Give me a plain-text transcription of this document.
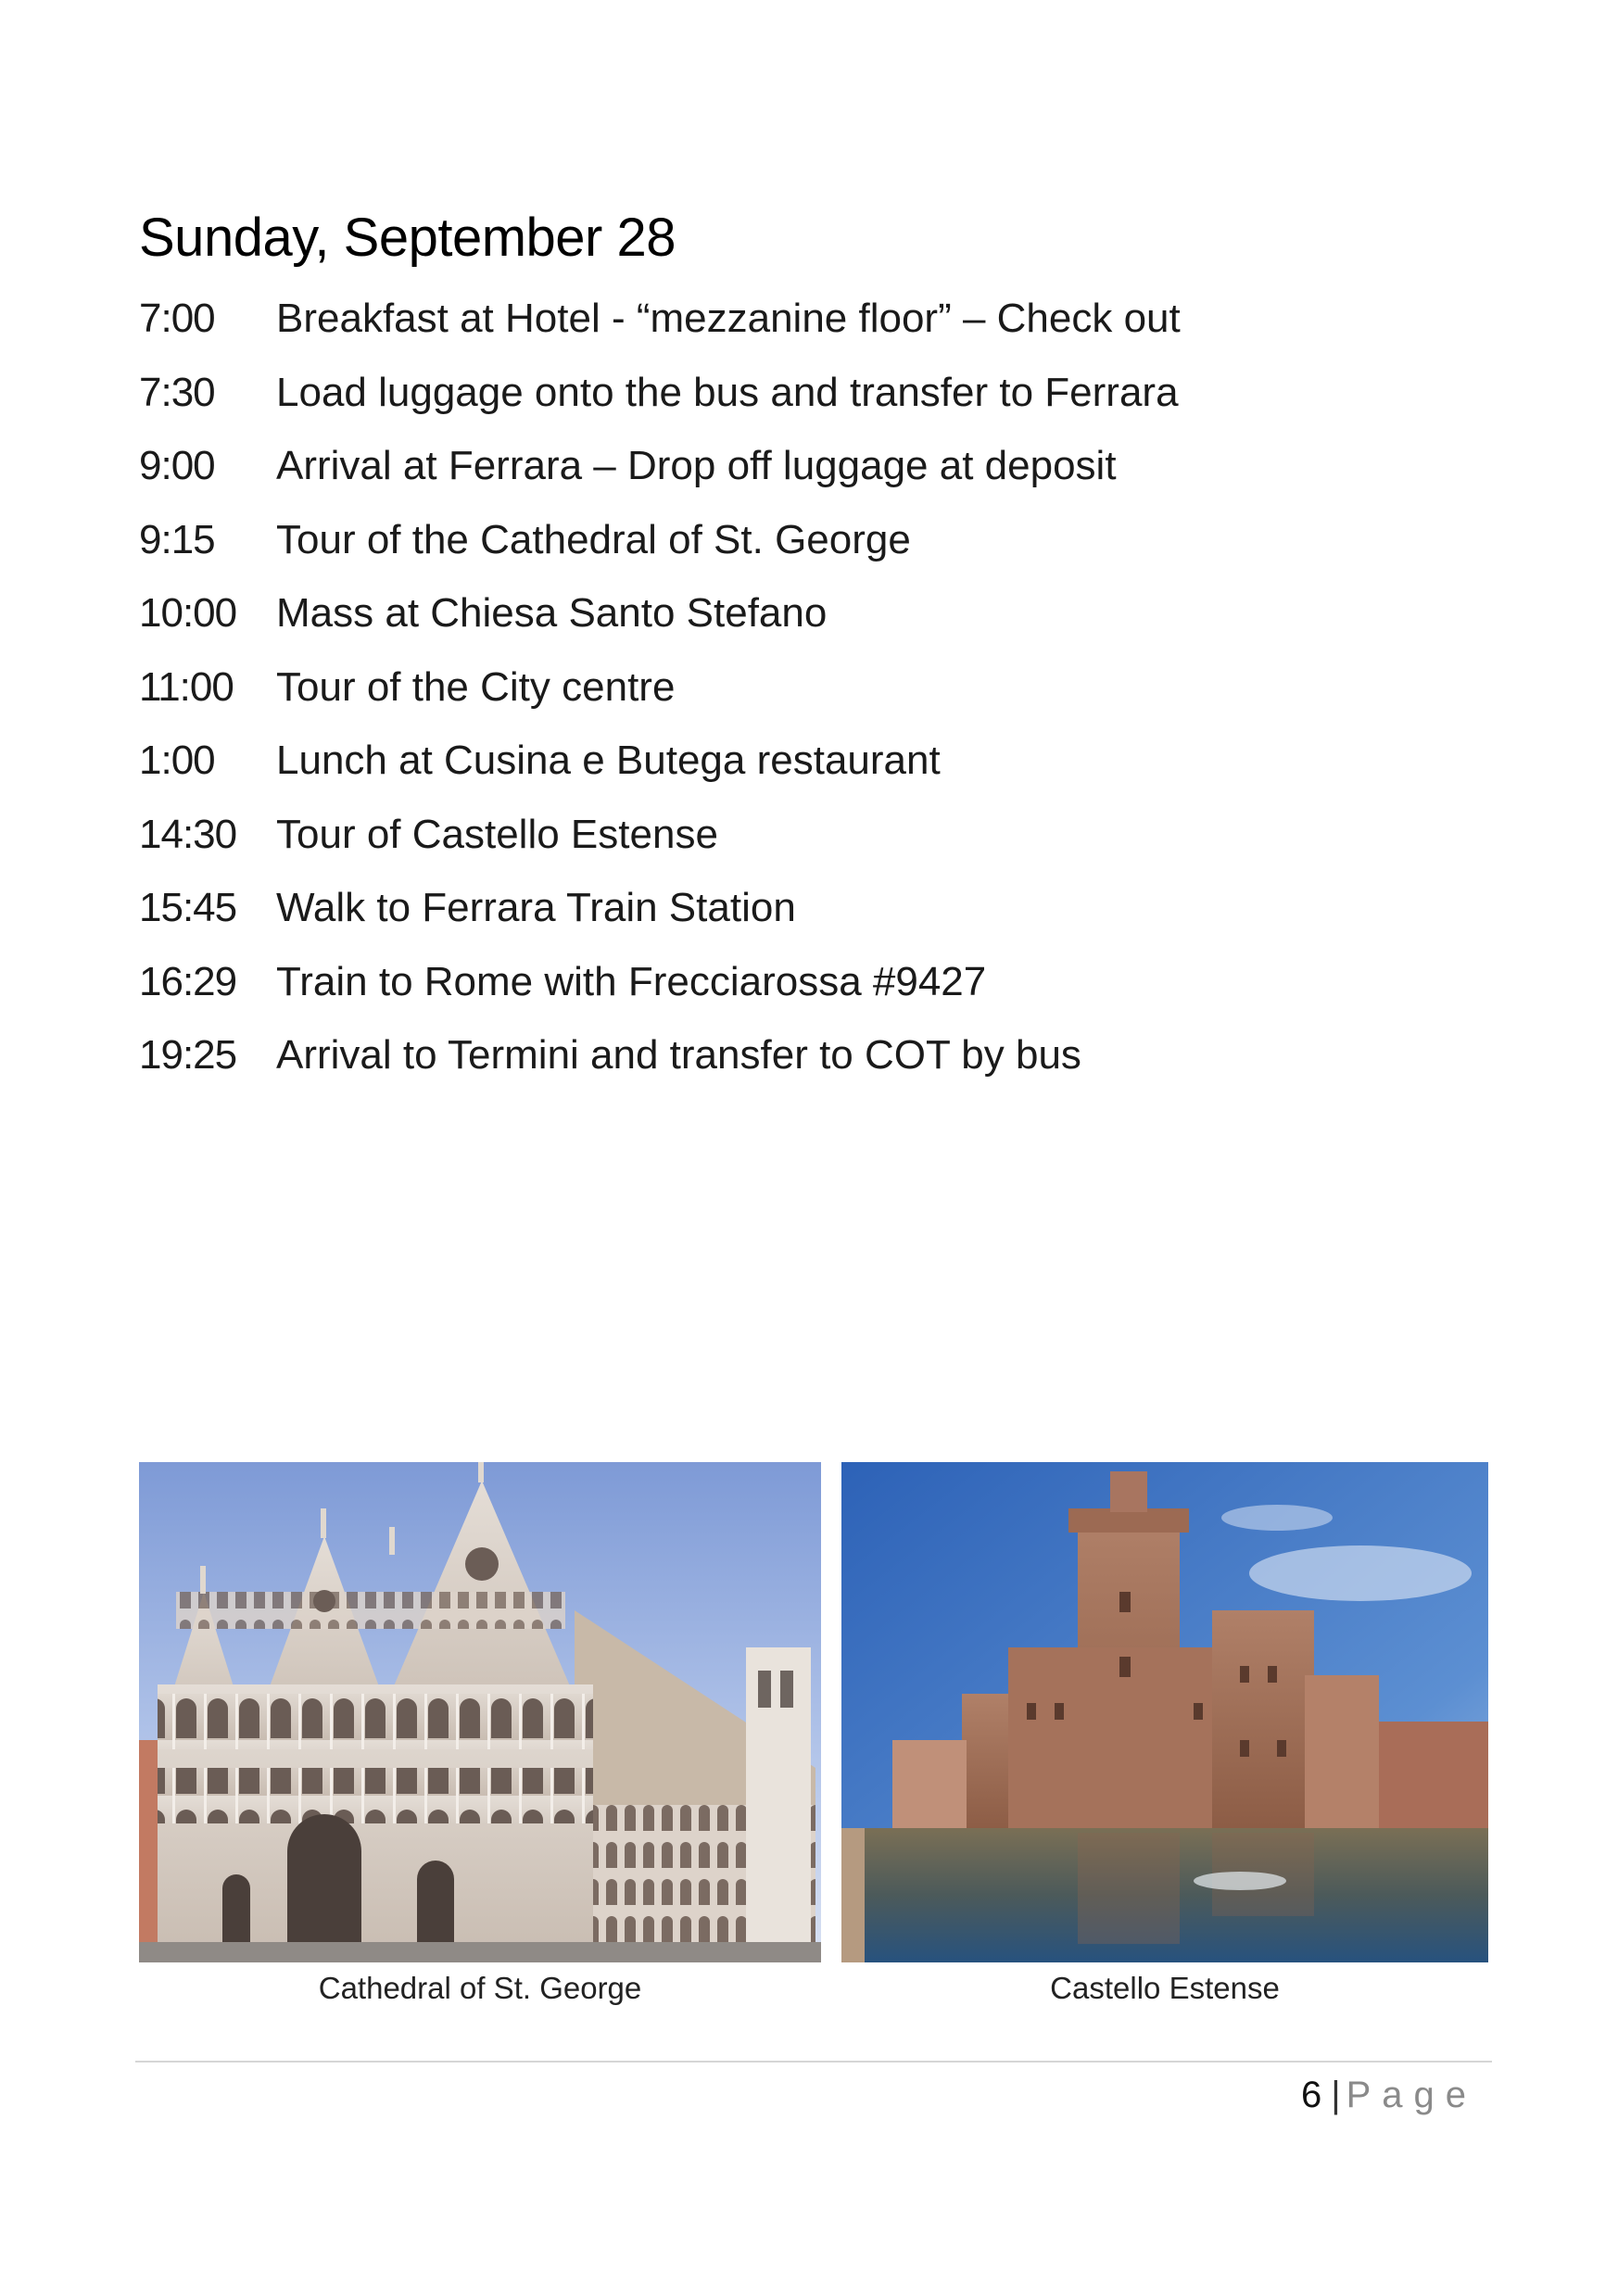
Sunday, September 28
7:00	Breakfast at Hotel - “mezzanine floor” – Check out
7:30	Load luggage onto the bus and transfer to Ferrara
9:00	Arrival at Ferrara – Drop off luggage at deposit
9:15	Tour of the Cathedral of St. George
10:00 Mass at Chiesa Santo Stefano
11:00	Tour of the City centre
1:00	Lunch at Cusina e Butega restaurant
14:30 Tour of Castello Estense
15:45 Walk to Ferrara Train Station
16:29 Train to Rome with Frecciarossa #9427
19:25 Arrival to Termini and transfer to COT by bus
Cathedral of St. George	Castello Estense
6 | Page
